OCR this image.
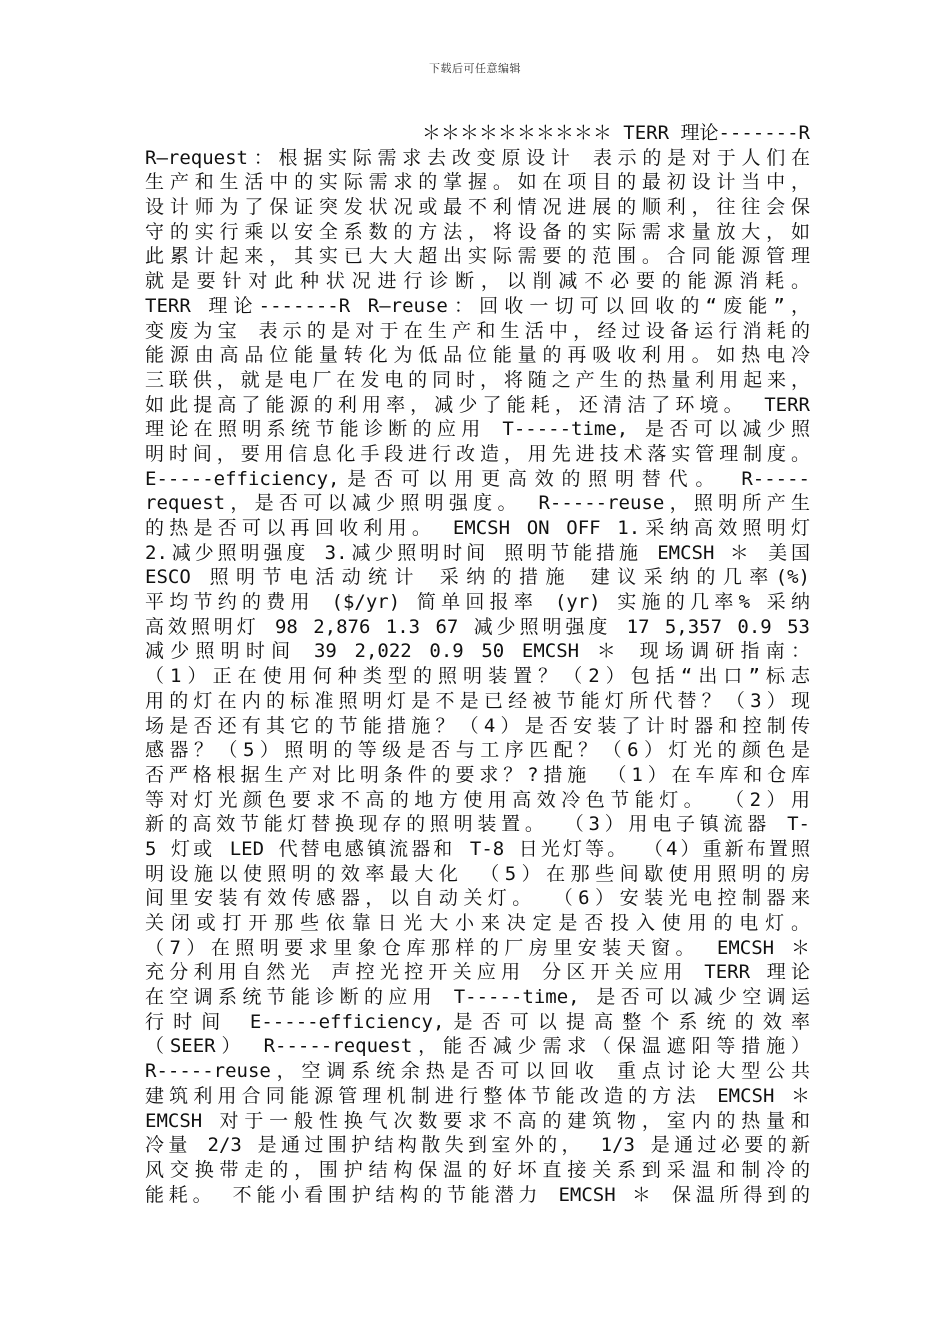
下载后可任意编辑
＊＊＊＊＊＊＊＊＊＊ TERR 理论-------R
R—request：根据实际需求去改变原设计 表示的是对于人们在
生产和生活中的实际需求的掌握。如在项目的最初设计当中，
设计师为了保证突发状况或最不利情况进展的顺利，往往会保
守的实行乘以安全系数的方法，将设备的实际需求量放大，如
此累计起来，其实已大大超出实际需要的范围。合同能源管理
就是要针对此种状况进行诊断，以削减不必要的能源消耗。
TERR 理论-------R R—reuse：回收一切可以回收的“废能”，
变废为宝 表示的是对于在生产和生活中，经过设备运行消耗的
能源由高品位能量转化为低品位能量的再吸收利用。如热电冷
三联供，就是电厂在发电的同时，将随之产生的热量利用起来，
如此提高了能源的利用率，减少了能耗，还清洁了环境。 TERR
理论在照明系统节能诊断的应用 T-----time, 是否可以减少照
明时间，要用信息化手段进行改造，用先进技术落实管理制度。
E-----efficiency,是否可以用更高效的照明替代。 R-----
request，是否可以减少照明强度。 R-----reuse，照明所产生
的热是否可以再回收利用。 EMCSH ON OFF 1.采纳高效照明灯
2.减少照明强度 3.减少照明时间 照明节能措施 EMCSH ＊ 美国
ESCO 照明节电活动统计 采纳的措施 建议采纳的几率(%)
平均节约的费用 ($/yr) 简单回报率 (yr) 实施的几率% 采纳
高效照明灯 98 2,876 1.3 67 减少照明强度 17 5,357 0.9 53
减少照明时间 39 2,022 0.9 50 EMCSH ＊ 现场调研指南：
（1）正在使用何种类型的照明装置？（2）包括“出口”标志
用的灯在内的标准照明灯是不是已经被节能灯所代替？（3）现
场是否还有其它的节能措施？（4）是否安装了计时器和控制传
感器？（5）照明的等级是否与工序匹配？（6）灯光的颜色是
否严格根据生产对比明条件的要求？?措施 （1）在车库和仓库
等对灯光颜色要求不高的地方使用高效冷色节能灯。 （2）用
新的高效节能灯替换现存的照明装置。 （3）用电子镇流器 T-
5 灯或 LED 代替电感镇流器和 T-8 日光灯等。 （4）重新布置照
明设施以使照明的效率最大化 （5）在那些间歇使用照明的房
间里安装有效传感器，以自动关灯。 （6）安装光电控制器来
关闭或打开那些依靠日光大小来决定是否投入使用的电灯。
（7）在照明要求里象仓库那样的厂房里安装天窗。 EMCSH ＊
充分利用自然光 声控光控开关应用 分区开关应用 TERR 理论
在空调系统节能诊断的应用 T-----time, 是否可以减少空调运
行时间 E-----efficiency,是否可以提高整个系统的效率
（SEER） R-----request，能否减少需求（保温遮阳等措施）
R-----reuse，空调系统余热是否可以回收 重点讨论大型公共
建筑利用合同能源管理机制进行整体节能改造的方法 EMCSH ＊
EMCSH 对于一般性换气次数要求不高的建筑物，室内的热量和
冷量 2/3 是通过围护结构散失到室外的， 1/3 是通过必要的新
风交换带走的，围护结构保温的好坏直接关系到采温和制冷的
能耗。 不能小看围护结构的节能潜力 EMCSH ＊ 保温所得到的
